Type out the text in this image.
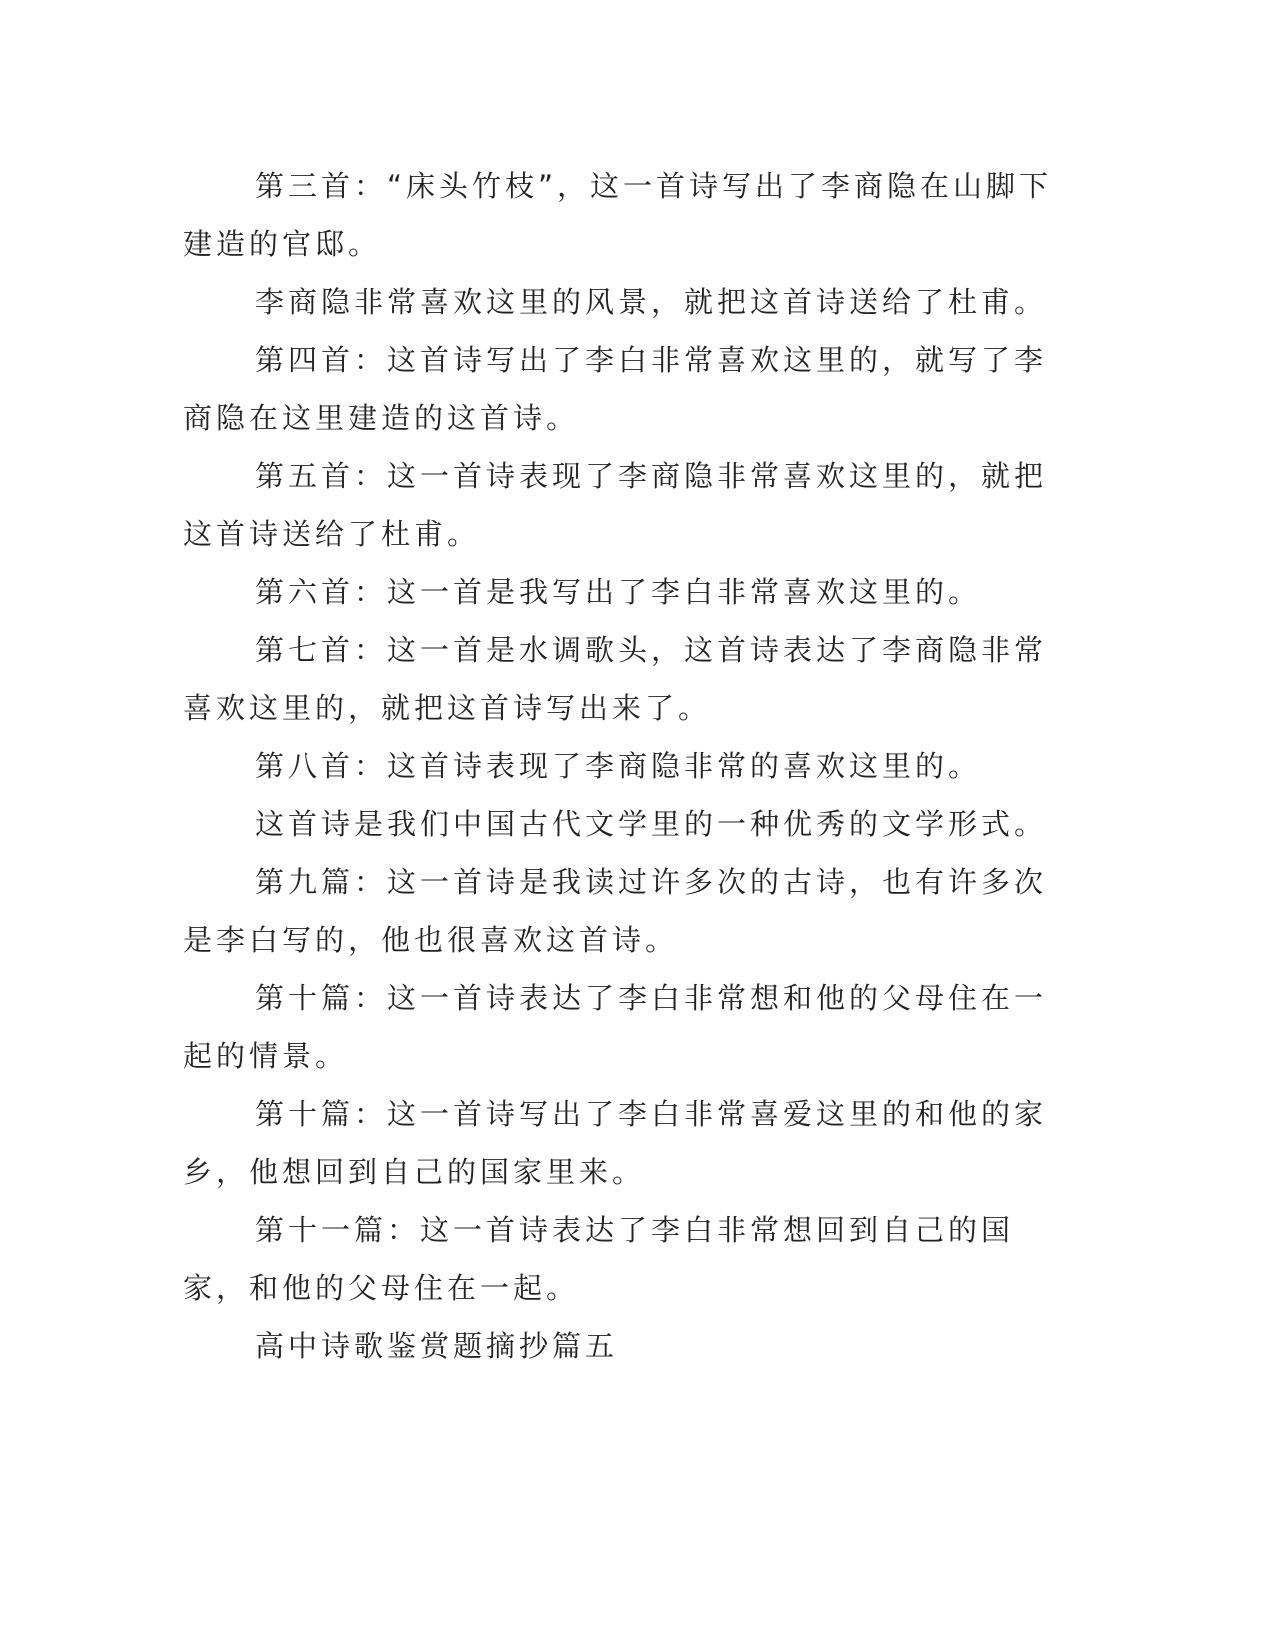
第三首：“床头竹枝”，这一首诗写出了李商隐在山脚下建造的官邸。

李商隐非常喜欢这里的风景，就把这首诗送给了杜甫。

第四首：这首诗写出了李白非常喜欢这里的，就写了李商隐在这里建造的这首诗。

第五首：这一首诗表现了李商隐非常喜欢这里的，就把这首诗送给了杜甫。

第六首：这一首是我写出了李白非常喜欢这里的。

第七首：这一首是水调歌头，这首诗表达了李商隐非常喜欢这里的，就把这首诗写出来了。

第八首：这首诗表现了李商隐非常的喜欢这里的。

这首诗是我们中国古代文学里的一种优秀的文学形式。

第九篇：这一首诗是我读过许多次的古诗，也有许多次是李白写的，他也很喜欢这首诗。

第十篇：这一首诗表达了李白非常想和他的父母住在一起的情景。

第十篇：这一首诗写出了李白非常喜爱这里的和他的家乡，他想回到自己的国家里来。

第十一篇：这一首诗表达了李白非常想回到自己的国家，和他的父母住在一起。

高中诗歌鉴赏题摘抄篇五
